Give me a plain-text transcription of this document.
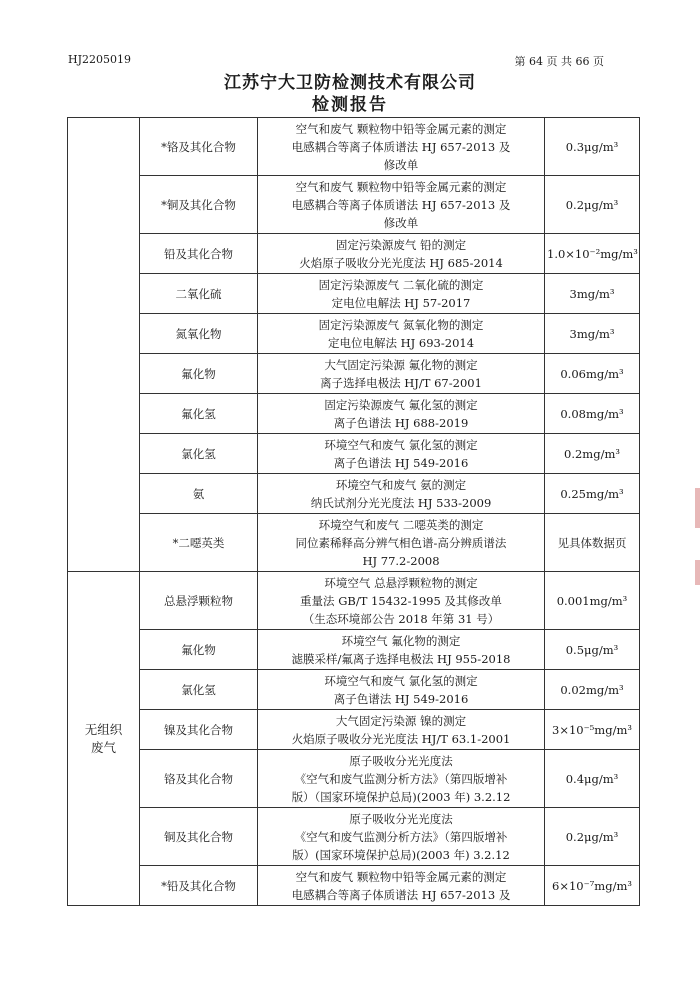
HJ2205019	第 64 页 共 66 页
江苏宁大卫防检测技术有限公司
检测报告
	*铬及其化合物	空气和废气 颗粒物中铅等金属元素的测定
电感耦合等离子体质谱法 HJ 657-2013 及
修改单	0.3μg/m³
	*铜及其化合物	空气和废气 颗粒物中铅等金属元素的测定
电感耦合等离子体质谱法 HJ 657-2013 及
修改单	0.2μg/m³
	铅及其化合物	固定污染源废气 铅的测定
火焰原子吸收分光光度法 HJ 685-2014	1.0×10⁻²mg/m³
	二氧化硫	固定污染源废气 二氧化硫的测定
定电位电解法 HJ 57-2017	3mg/m³
	氮氧化物	固定污染源废气 氮氧化物的测定
定电位电解法 HJ 693-2014	3mg/m³
	氟化物	大气固定污染源 氟化物的测定
离子选择电极法 HJ/T 67-2001	0.06mg/m³
	氟化氢	固定污染源废气 氟化氢的测定
离子色谱法 HJ 688-2019	0.08mg/m³
	氯化氢	环境空气和废气 氯化氢的测定
离子色谱法 HJ 549-2016	0.2mg/m³
	氨	环境空气和废气 氨的测定
纳氏试剂分光光度法 HJ 533-2009	0.25mg/m³
	*二噁英类	环境空气和废气 二噁英类的测定
同位素稀释高分辨气相色谱-高分辨质谱法
HJ 77.2-2008	见具体数据页
无组织
废气	总悬浮颗粒物	环境空气 总悬浮颗粒物的测定
重量法 GB/T 15432-1995 及其修改单
（生态环境部公告 2018 年第 31 号）	0.001mg/m³
	氟化物	环境空气 氟化物的测定
滤膜采样/氟离子选择电极法 HJ 955-2018	0.5μg/m³
	氯化氢	环境空气和废气 氯化氢的测定
离子色谱法 HJ 549-2016	0.02mg/m³
	镍及其化合物	大气固定污染源 镍的测定
火焰原子吸收分光光度法 HJ/T 63.1-2001	3×10⁻⁵mg/m³
	铬及其化合物	原子吸收分光光度法
《空气和废气监测分析方法》（第四版增补
版）（国家环境保护总局)(2003 年) 3.2.12	0.4μg/m³
	铜及其化合物	原子吸收分光光度法
《空气和废气监测分析方法》（第四版增补
版）(国家环境保护总局)(2003 年) 3.2.12	0.2μg/m³
	*铅及其化合物	空气和废气 颗粒物中铅等金属元素的测定
电感耦合等离子体质谱法 HJ 657-2013 及	6×10⁻⁷mg/m³
